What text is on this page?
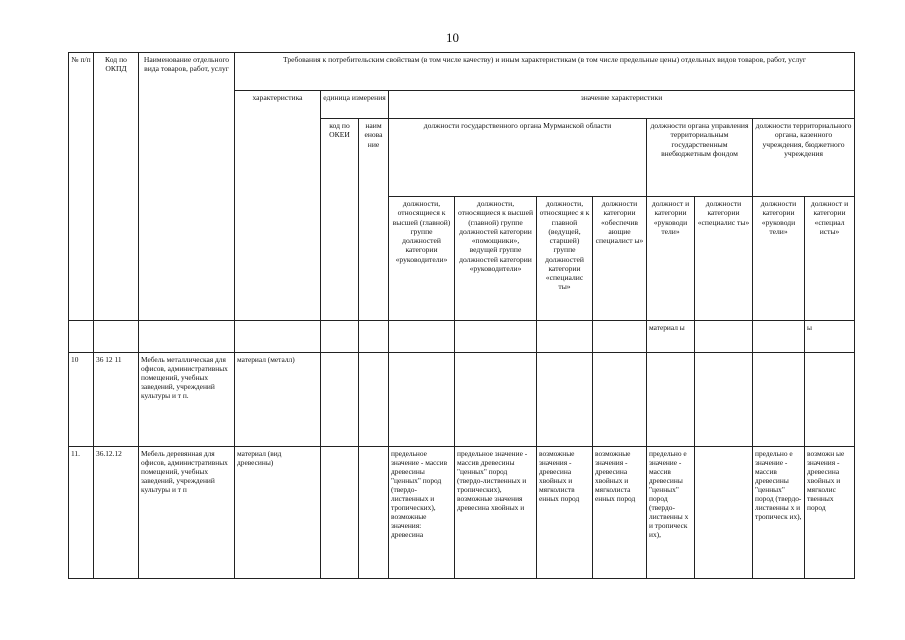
10
№ п/п	Код по ОКПД	Наименование отдельного вида товаров, работ, услуг	Требования к потребительским свойствам (в том числе качеству) и иным характеристикам (в том числе предельные цены) отдельных видов товаров, работ, услуг										
			характеристика	единица измерения		значение характеристики							
				код по ОКЕИ	наим енова ние	должности государственного органа Мурманской области				должности органа управления территориальным государственным внебюджетным фондом		должности территориального органа, казенного учреждения, бюджетного учреждения	
						должности, относящиеся к высшей (главной) группе должностей категории «руководители»	должности, относящиеся к высшей (главной) группе должностей категории «помощники», ведущей группе должностей категории «руководители»	должности, относящиес я к главной (ведущей, старшей) группе должностей категории «специалис ты»	должности категории «обеспечив ающие специалист ы»	должност и категории «руководи тели»	должности категории «специалис ты»	должности категории «руководи тели»	должност и категории «специал исты»
										материал ы			ы
10	36 12 11	Мебель металлическая для офисов, административных помещений, учебных заведений, учреждений культуры и т п.	материал (металл)										
11.	36.12.12	Мебель деревянная для офисов, административных помещений, учебных заведений, учреждений культуры и т п	материал (вид древесины)			предельное значение - массив древесины "ценных" пород (твердо-лиственных и тропических), возможные значения: древесина	предельное значение - массив древесины "ценных" пород (твердо-лиственных и тропических), возможные значения древесина хвойных и	возможные значения - древесина хвойных и мягколиств енных пород	возможные значения - древесина хвойных и мягколиста енных пород	предельно е значение - массив древесины "ценных" пород (твердо-лиственны х и тропическ их),		предельно е значение - массив древесины "ценных" пород (твердо-лиственны х и тропическ их),	возможн ые значения - древесина хвойных и мягколис твенных пород
